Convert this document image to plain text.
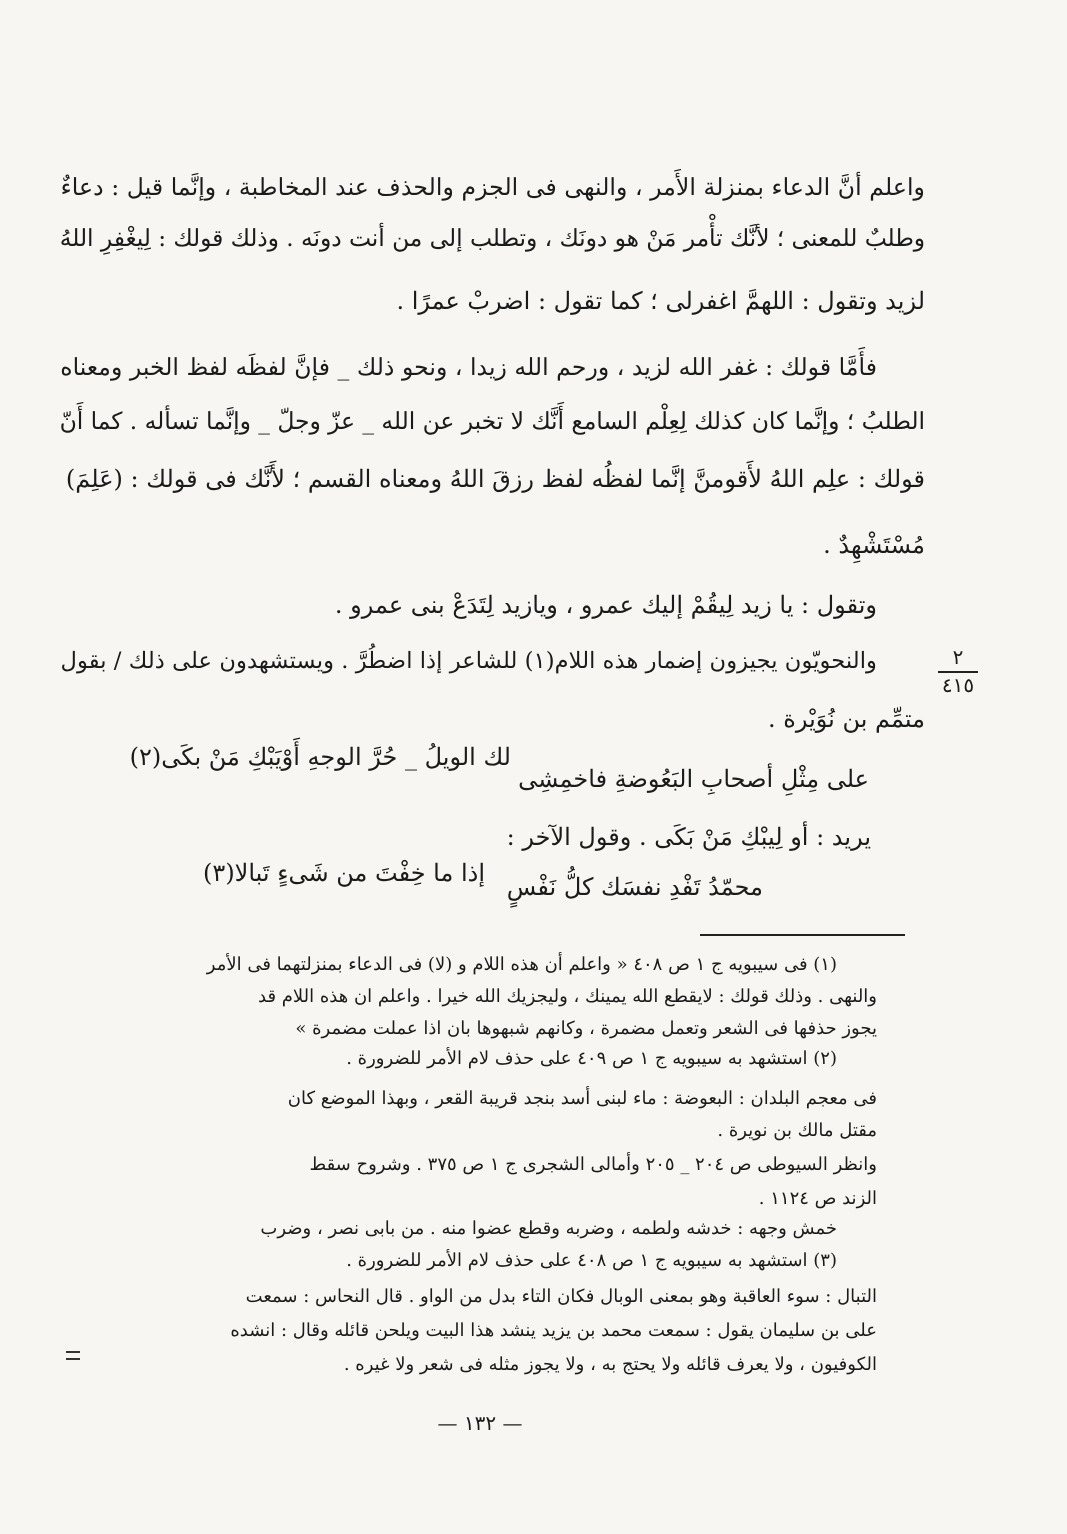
واعلم أنَّ الدعاء بمنزلة الأَمر ، والنهى فى الجزم والحذف عند المخاطبة ، وإنَّما قيل : دعاءٌ
وطلبٌ للمعنى ؛ لأنَّك تأْمر مَنْ هو دونَك ، وتطلب إلى من أنت دونَه . وذلك قولك : لِيغْفِرِ اللهُ
لزيد وتقول : اللهمَّ اغفرلى ؛ كما تقول : اضربْ عمرًا .
فأَمَّا قولك : غفر الله لزيد ، ورحم الله زيدا ، ونحو ذلك _ فإنَّ لفظَه لفظ الخبر ومعناه
الطلبُ ؛ وإنَّما كان كذلك لِعِلْم السامع أَنَّك لا تخبر عن الله _ عزّ وجلّ _ وإنَّما تسأله . كما أَنّ
قولك : علِم اللهُ لأَقومنَّ إنَّما لفظُه لفظ رزقَ اللهُ ومعناه القسم ؛ لأَنَّك فى قولك : (عَلِمَ)
مُسْتَشْهِدٌ .
وتقول : يا زيد لِيقُمْ إليك عمرو ، ويازيد لِتَدَعْ بنى عمرو .
والنحويّون يجيزون إضمار هذه اللام(١) للشاعر إذا اضطُرَّ . ويستشهدون على ذلك / بقول
متمِّم بن نُوَيْرة .
٢
٤١٥
على مِثْلِ أصحابِ البَعُوضةِ فاخمِشِى
لك الويلُ _ حُرَّ الوجهِ أَوْيَبْكِ مَنْ بكَى(٢)
يريد : أو لِيبْكِ مَنْ بَكَى . وقول الآخر :
محمّدُ تَفْدِ نفسَك كلُّ نَفْسٍ
إذا ما خِفْتَ من شَىءٍ تَبالا(٣)
(١) فى سيبويه ج ١ ص ٤٠٨ « واعلم أن هذه اللام و (لا) فى الدعاء بمنزلتهما فى الأمر
والنهى . وذلك قولك : لايقطع الله يمينك ، وليجزيك الله خيرا . واعلم ان هذه اللام قد
يجوز حذفها فى الشعر وتعمل مضمرة ، وكانهم شبهوها بان اذا عملت مضمرة »
(٢) استشهد به سيبويه ج ١ ص ٤٠٩ على حذف لام الأمر للضرورة .
فى معجم البلدان : البعوضة : ماء لبنى أسد بنجد قريبة القعر ، وبهذا الموضع كان
مقتل مالك بن نويرة .
وانظر السيوطى ص ٢٠٤ _ ٢٠٥ وأمالى الشجرى ج ١ ص ٣٧٥ . وشروح سقط
الزند ص ١١٢٤ .
خمش وجهه : خدشه ولطمه ، وضربه وقطع عضوا منه . من بابى نصر ، وضرب
(٣) استشهد به سيبويه ج ١ ص ٤٠٨ على حذف لام الأمر للضرورة .
التبال : سوء العاقبة وهو بمعنى الوبال فكان التاء بدل من الواو . قال النحاس : سمعت
على بن سليمان يقول : سمعت محمد بن يزيد ينشد هذا البيت ويلحن قائله وقال : انشده
الكوفيون ، ولا يعرف قائله ولا يحتج به ، ولا يجوز مثله فى شعر ولا غيره .
— ١٣٢ —
